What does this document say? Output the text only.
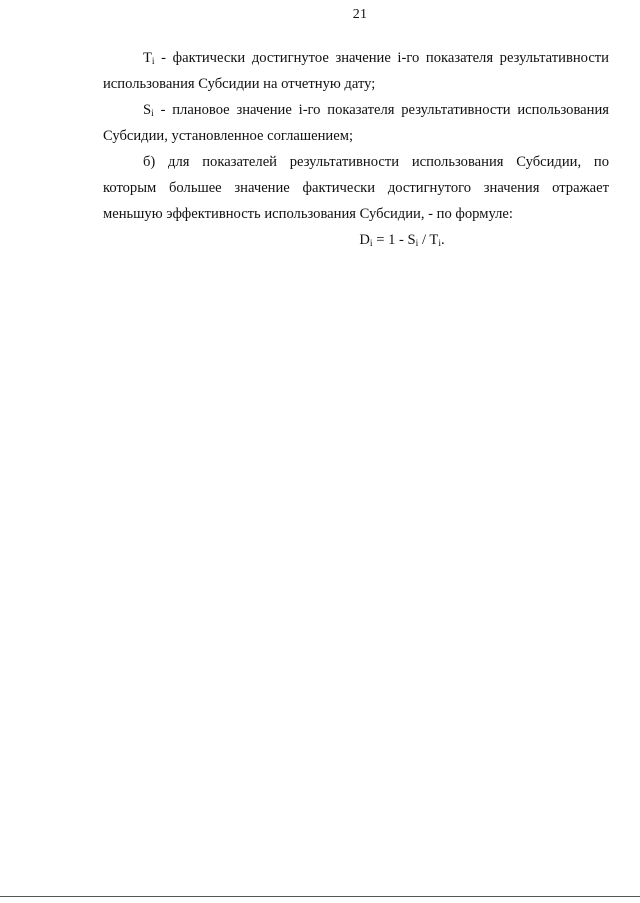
21

$T_i$ - фактически достигнутое значение i-го показателя результативности использования Субсидии на отчетную дату;

$S_i$ - плановое значение i-го показателя результативности использования Субсидии, установленное соглашением;

б) для показателей результативности использования Субсидии, по

которым большее значение фактически достигнутого значения отражает

меньшую эффективность использования Субсидии, - по формуле:

$D_i = 1 - S_i / T_i$.
